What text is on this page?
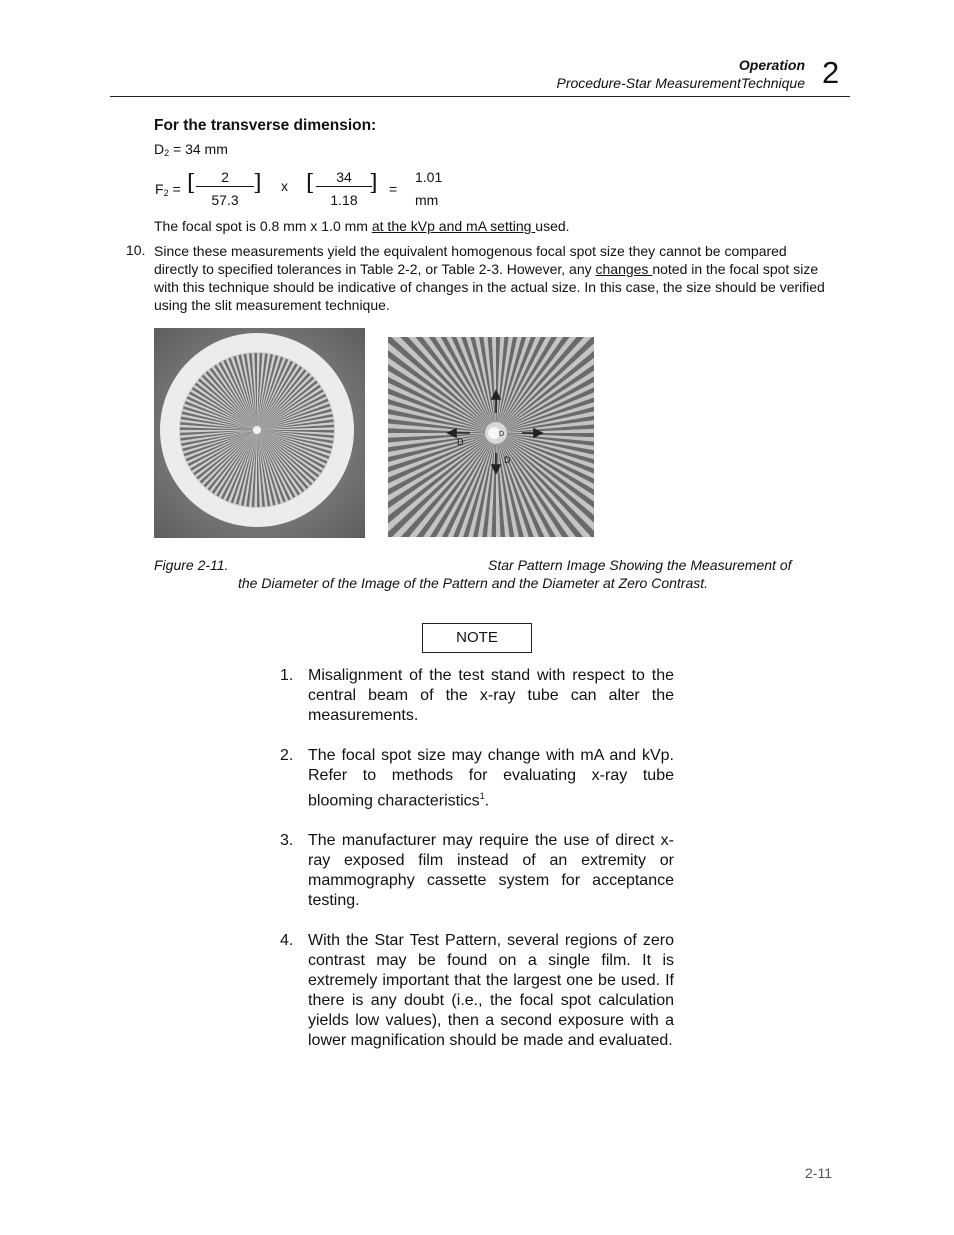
Operation
Procedure-Star MeasurementTechnique 2
For the transverse dimension:
$D_2 = 34$ mm
$F_2$ = [	2
57.3
] x [	34
1.18
] =
1.01
mm
The focal spot is 0.8 mm x 1.0 mm at the kVp and mA setting used.
10. Since these measurements yield the equivalent homogenous focal spot size they cannot be compared directly to specified tolerances in Table 2-2, or Table 2-3. However, any changes noted in the focal spot size with this technique should be indicative of changes in the actual size. In this case, the size should be verified using the slit measurement technique.
D
D
D
Figure 2-11.	Star Pattern Image Showing the Measurement of
the Diameter of the Image of the Pattern and the Diameter at Zero Contrast.
NOTE
1. Misalignment of the test stand with respect to the central beam of the x-ray tube can alter the measurements.
2. The focal spot size may change with mA and kVp. Refer to methods for evaluating x-ray tube blooming characteristics$^1$.
3. The manufacturer may require the use of direct x-ray exposed film instead of an extremity or mammography cassette system for acceptance testing.
4. With the Star Test Pattern, several regions of zero contrast may be found on a single film. It is extremely important that the largest one be used. If there is any doubt (i.e., the focal spot calculation yields low values), then a second exposure with a lower magnification should be made and evaluated.
2-11
